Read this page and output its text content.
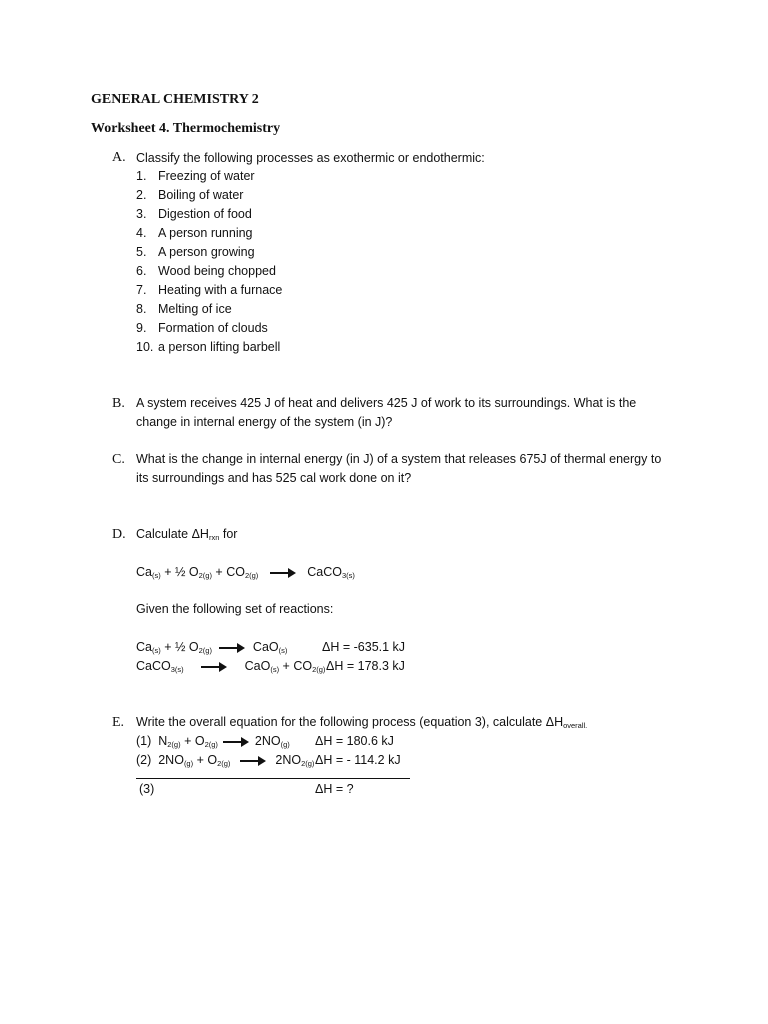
GENERAL CHEMISTRY 2
Worksheet 4. Thermochemistry
A. Classify the following processes as exothermic or endothermic:
1. Freezing of water
2. Boiling of water
3. Digestion of food
4. A person running
5. A person growing
6. Wood being chopped
7. Heating with a furnace
8. Melting of ice
9. Formation of clouds
10. a person lifting barbell
B. A system receives 425 J of heat and delivers 425 J of work to its surroundings. What is the
change in internal energy of the system (in J)?
C. What is the change in internal energy (in J) of a system that releases 675J of thermal energy to
its surroundings and has 525 cal work done on it?
D. Calculate $\Delta H_{rxn}$ for
$Ca_{(s)}$ + ½ $O_{2(g)} + CO_{2(g)}$	CaCO$_{3(s)}$
Given the following set of reactions:
$Ca_{(s)}$ + ½ $O_{2(g)}$	CaO$_{(s)}$	ΔH = -635.1 kJ
CaCO$_{3(s)}$	$CaO_{(s)} + CO_{2(g)}$ ΔH = 178.3 kJ
E. Write the overall equation for the following process (equation 3), calculate $\Delta H_{overall.}$
(1) $N_{2(g)} + O_{2(g)}$	$2NO_{(g)}$ ΔH = 180.6 kJ
(2) $2NO_{(g)} + O_{2(g)}$	$2NO_{2(g)}$ ΔH = - 114.2 kJ
(3)	ΔH = ?
